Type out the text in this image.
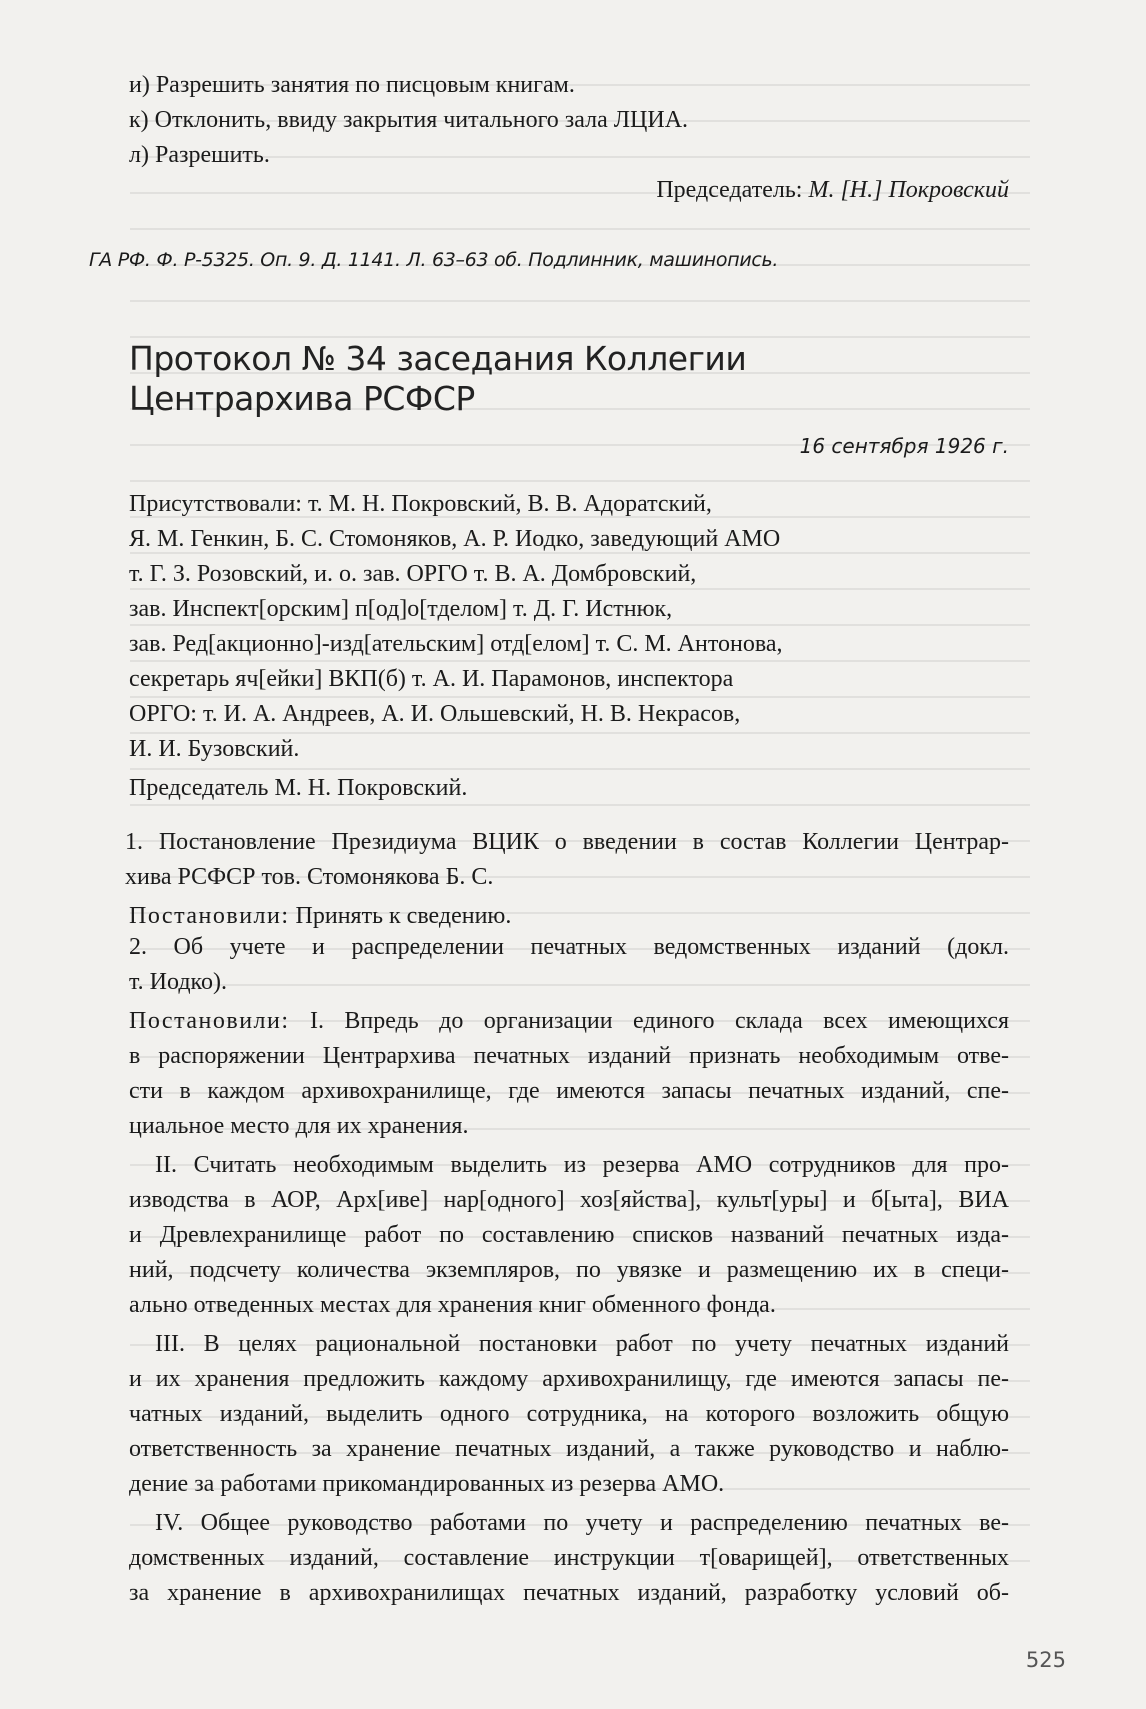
и) Разрешить занятия по писцовым книгам.
к) Отклонить, ввиду закрытия читального зала ЛЦИА.
л) Разрешить.
Председатель: М. [Н.] Покровский
ГА РФ. Ф. Р-5325. Оп. 9. Д. 1141. Л. 63–63 об. Подлинник, машинопись.
Протокол № 34 заседания Коллегии
Центрархива РСФСР
16 сентября 1926 г.
Присутствовали: т. М. Н. Покровский, В. В. Адоратский,
Я. М. Генкин, Б. С. Стомоняков, А. Р. Иодко, заведующий АМО
т. Г. З. Розовский, и. о. зав. ОРГО т. В. А. Домбровский,
зав. Инспект[орским] п[од]о[тделом] т. Д. Г. Истнюк,
зав. Ред[акционно]-изд[ательским] отд[елом] т. С. М. Антонова,
секретарь яч[ейки] ВКП(б) т. А. И. Парамонов, инспектора
ОРГО: т. И. А. Андреев, А. И. Ольшевский, Н. В. Некрасов,
И. И. Бузовский.
Председатель М. Н. Покровский.
1. Постановление Президиума ВЦИК о введении в состав Коллегии Центрар-
хива РСФСР тов. Стомонякова Б. С.
Постановили: Принять к сведению.
2. Об учете и распределении печатных ведомственных изданий (докл.
т. Иодко).
Постановили: I. Впредь до организации единого склада всех имеющихся
в распоряжении Центрархива печатных изданий признать необходимым отве-
сти в каждом архивохранилище, где имеются запасы печатных изданий, спе-
циальное место для их хранения.
II. Считать необходимым выделить из резерва АМО сотрудников для про-
изводства в АОР, Арх[иве] нар[одного] хоз[яйства], культ[уры] и б[ыта], ВИА
и Древлехранилище работ по составлению списков названий печатных изда-
ний, подсчету количества экземпляров, по увязке и размещению их в специ-
ально отведенных местах для хранения книг обменного фонда.
III. В целях рациональной постановки работ по учету печатных изданий
и их хранения предложить каждому архивохранилищу, где имеются запасы пе-
чатных изданий, выделить одного сотрудника, на которого возложить общую
ответственность за хранение печатных изданий, а также руководство и наблю-
дение за работами прикомандированных из резерва АМО.
IV. Общее руководство работами по учету и распределению печатных ве-
домственных изданий, составление инструкции т[оварищей], ответственных
за хранение в архивохранилищах печатных изданий, разработку условий об-
525
